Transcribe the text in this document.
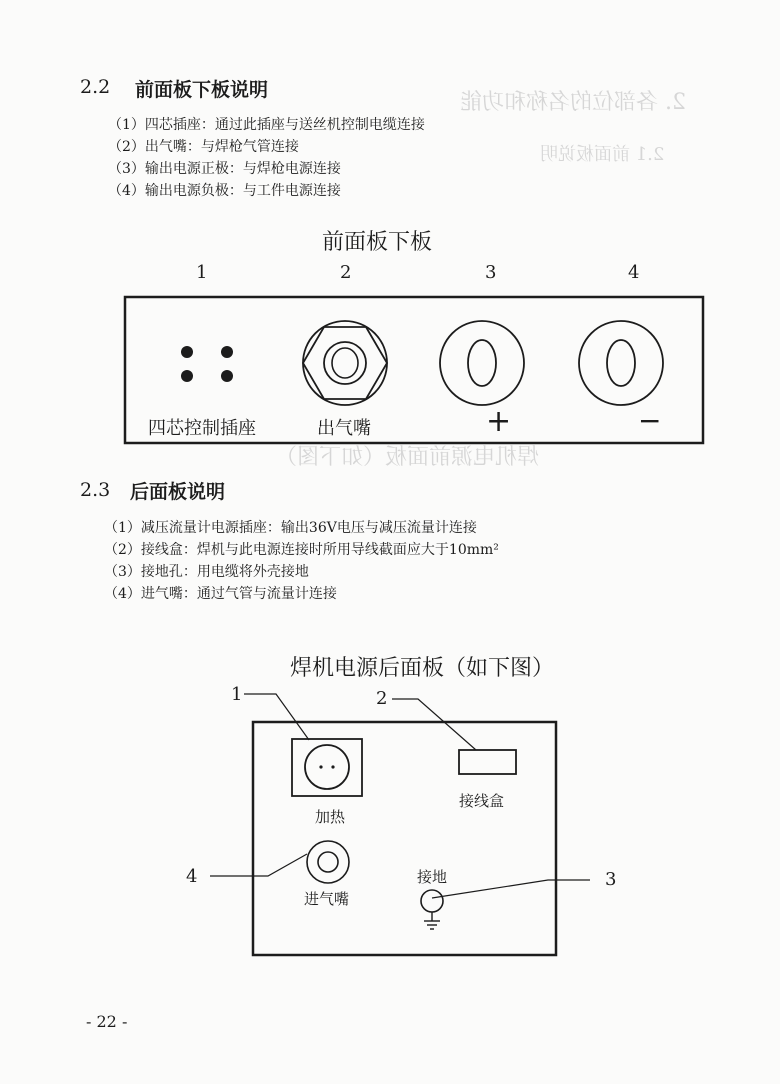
2. 各部位的名称和功能
2.1 前面板说明
焊机电源前面板（如下图）
2.2 前面板下板说明
（1）四芯插座：通过此插座与送丝机控制电缆连接
（2）出气嘴：与焊枪气管连接
（3）输出电源正极：与焊枪电源连接
（4）输出电源负极：与工件电源连接
前面板下板
1	2	3	4
四芯控制插座	出气嘴	+	−
2.3 后面板说明
（1）减压流量计电源插座：输出36V电压与减压流量计连接
（2）接线盒：焊机与此电源连接时所用导线截面应大于10mm²
（3）接地孔：用电缆将外壳接地
（4）进气嘴：通过气管与流量计连接
焊机电源后面板（如下图）
1	2
3
4
加热
接线盒
接地
进气嘴
- 22 -
